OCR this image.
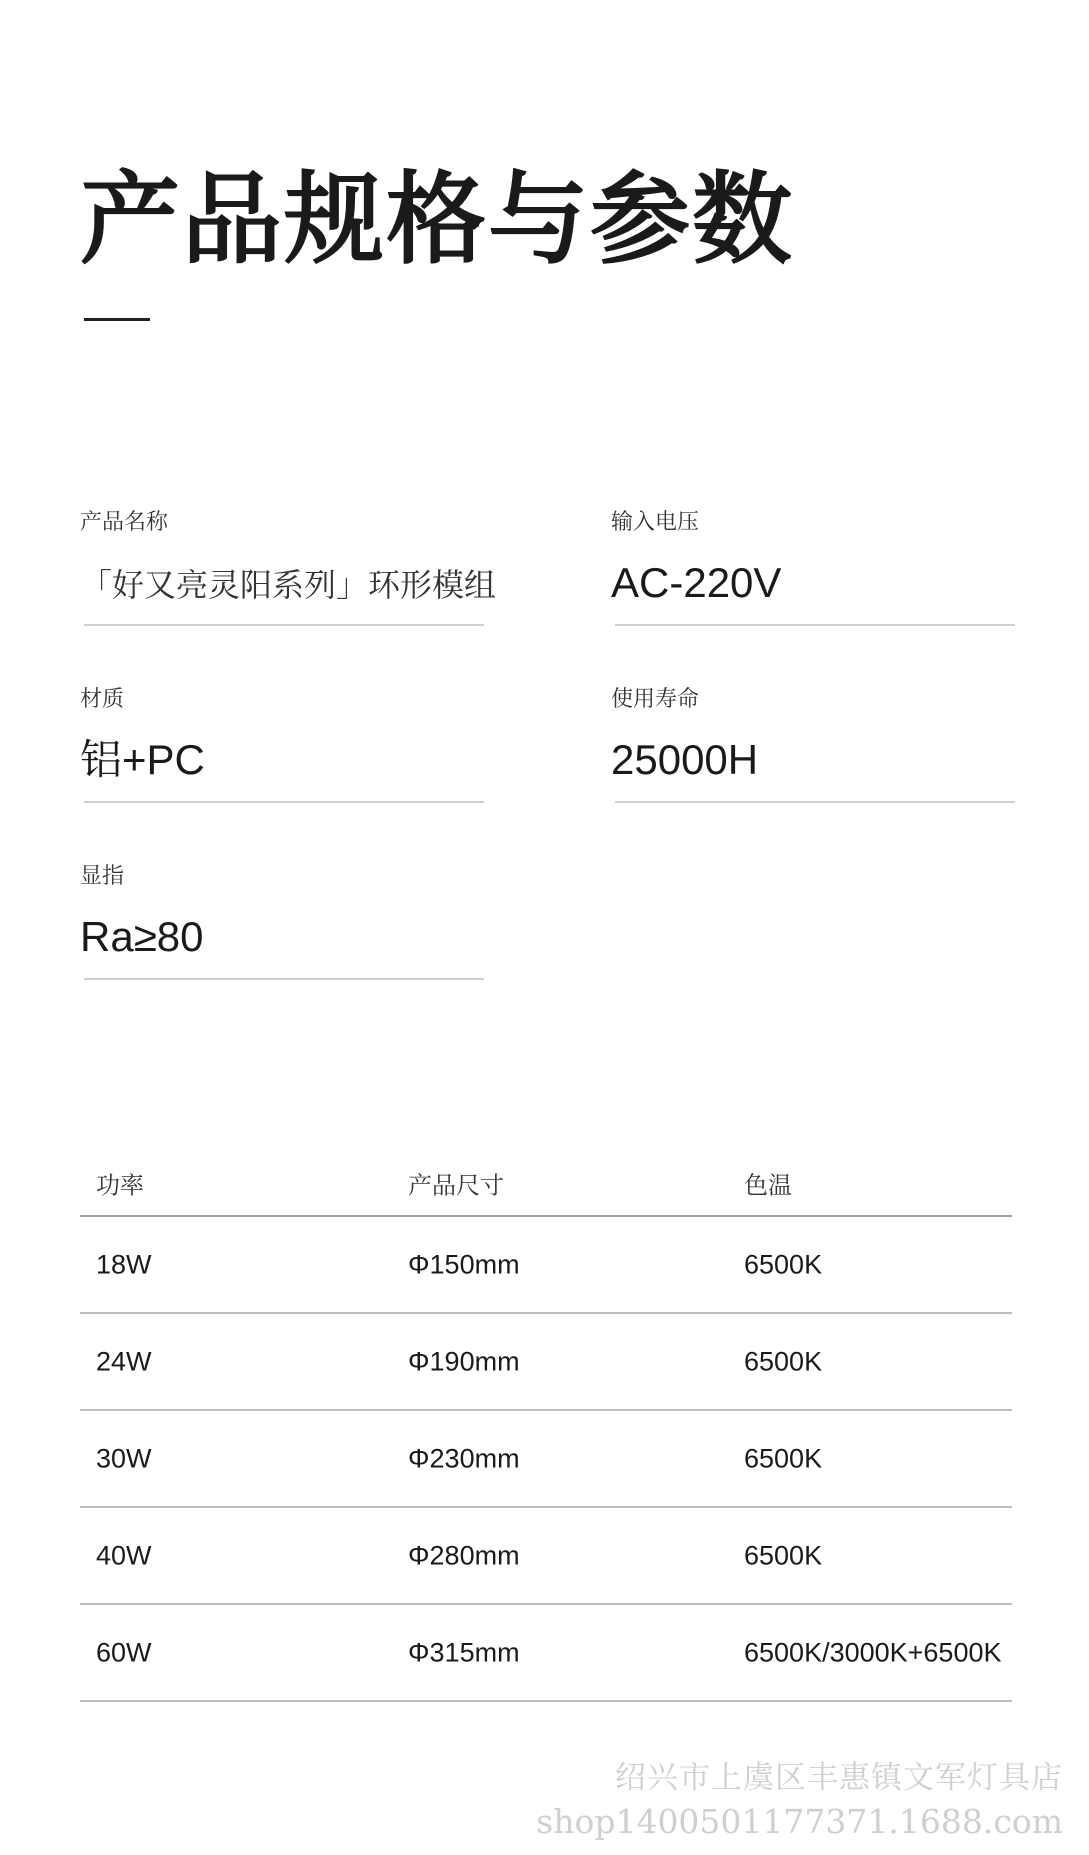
产品规格与参数
产品名称
「好又亮灵阳系列」环形模组
输入电压
AC-220V
材质
铝+PC
使用寿命
25000H
显指
Ra≥80
功率	产品尺寸	色温
18W	Φ150mm	6500K
24W	Φ190mm	6500K
30W	Φ230mm	6500K
40W	Φ280mm	6500K
60W	Φ315mm	6500K/3000K+6500K
绍兴市上虞区丰惠镇文军灯具店
shop1400501177371.1688.com
